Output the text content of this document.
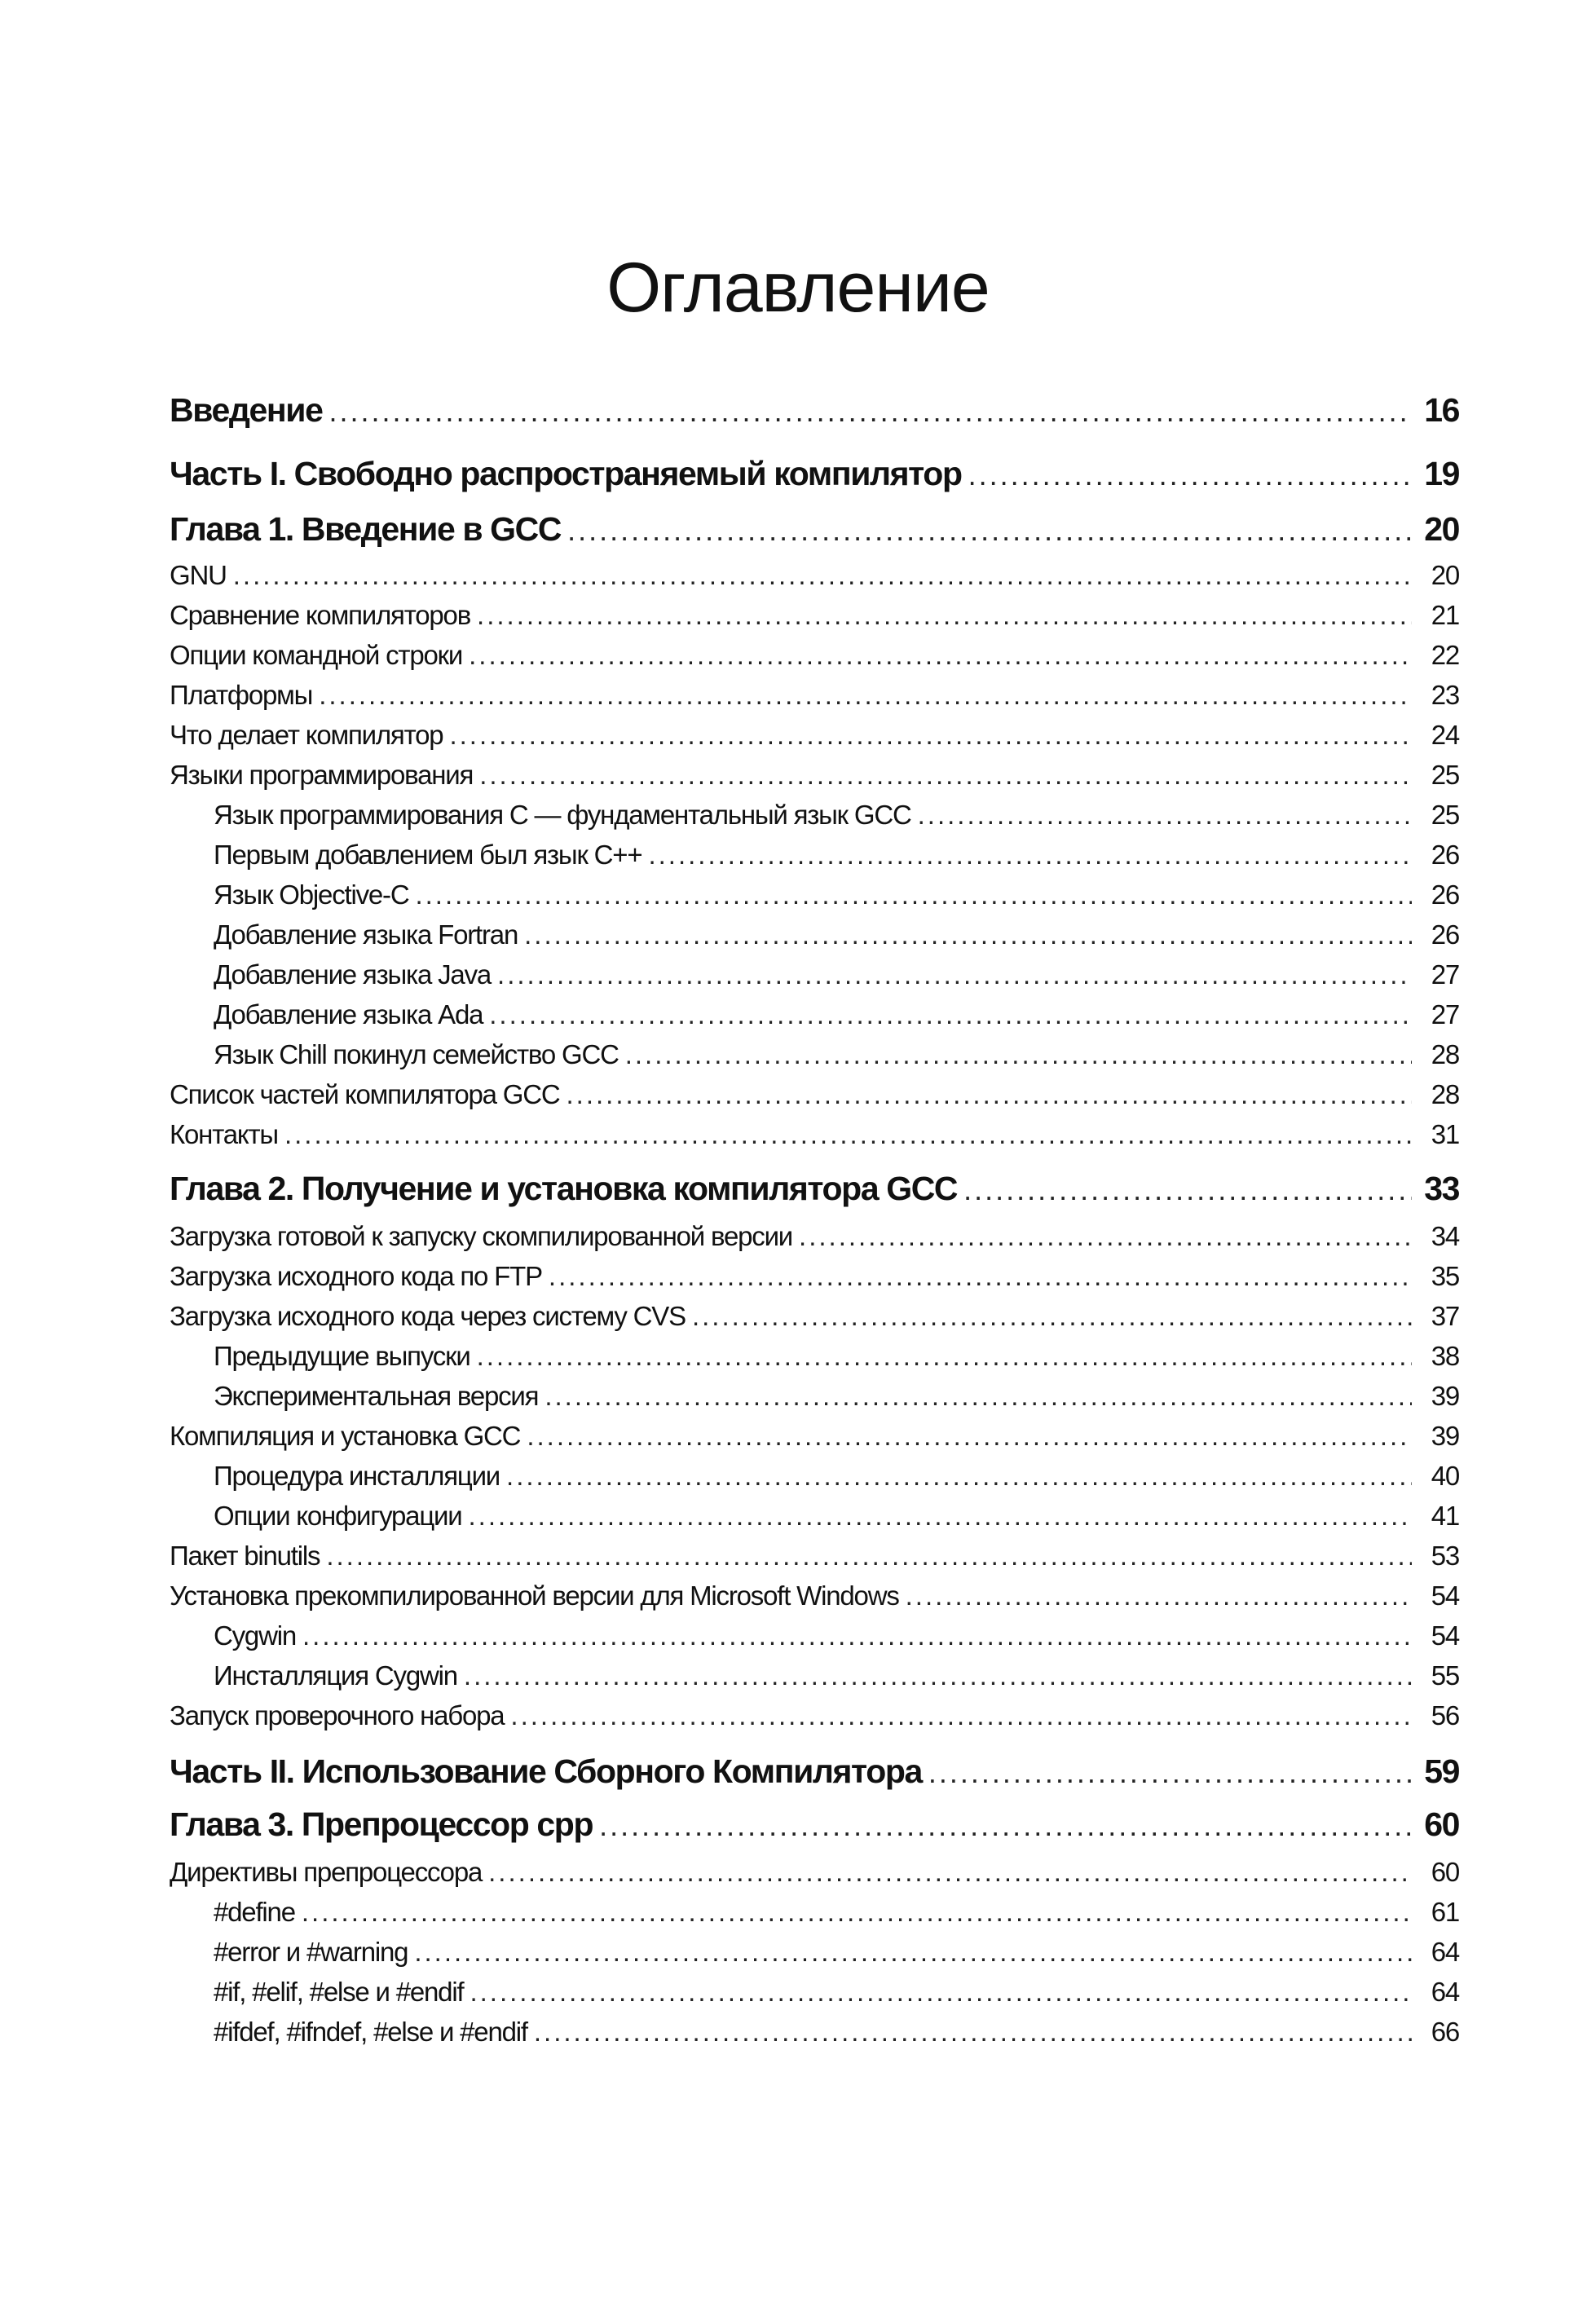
Оглавление
Введение .....	16
Часть I. Свободно распространяемый компилятор .....	19
Глава 1. Введение в GCC .....	20
GNU .....	20
Сравнение компиляторов .....	21
Опции командной строки .....	22
Платформы .....	23
Что делает компилятор .....	24
Языки программирования .....	25
Язык программирования С — фундаментальный язык GCC .....	25
Первым добавлением был язык C++ .....	26
Язык Objective-C .....	26
Добавление языка Fortran .....	26
Добавление языка Java .....	27
Добавление языка Ada .....	27
Язык Chill покинул семейство GCC .....	28
Список частей компилятора GCC .....	28
Контакты .....	31
Глава 2. Получение и установка компилятора GCC .....	33
Загрузка готовой к запуску скомпилированной версии .....	34
Загрузка исходного кода по FTP .....	35
Загрузка исходного кода через систему CVS .....	37
Предыдущие выпуски .....	38
Экспериментальная версия .....	39
Компиляция и установка GCC .....	39
Процедура инсталляции .....	40
Опции конфигурации .....	41
Пакет binutils .....	53
Установка прекомпилированной версии для Microsoft Windows .....	54
Cygwin .....	54
Инсталляция Cygwin .....	55
Запуск проверочного набора .....	56
Часть II. Использование Сборного Компилятора .....	59
Глава 3. Препроцессор cpp .....	60
Директивы препроцессора .....	60
#define .....	61
#error и #warning .....	64
#if, #elif, #else и #endif .....	64
#ifdef, #ifndef, #else и #endif .....	66
